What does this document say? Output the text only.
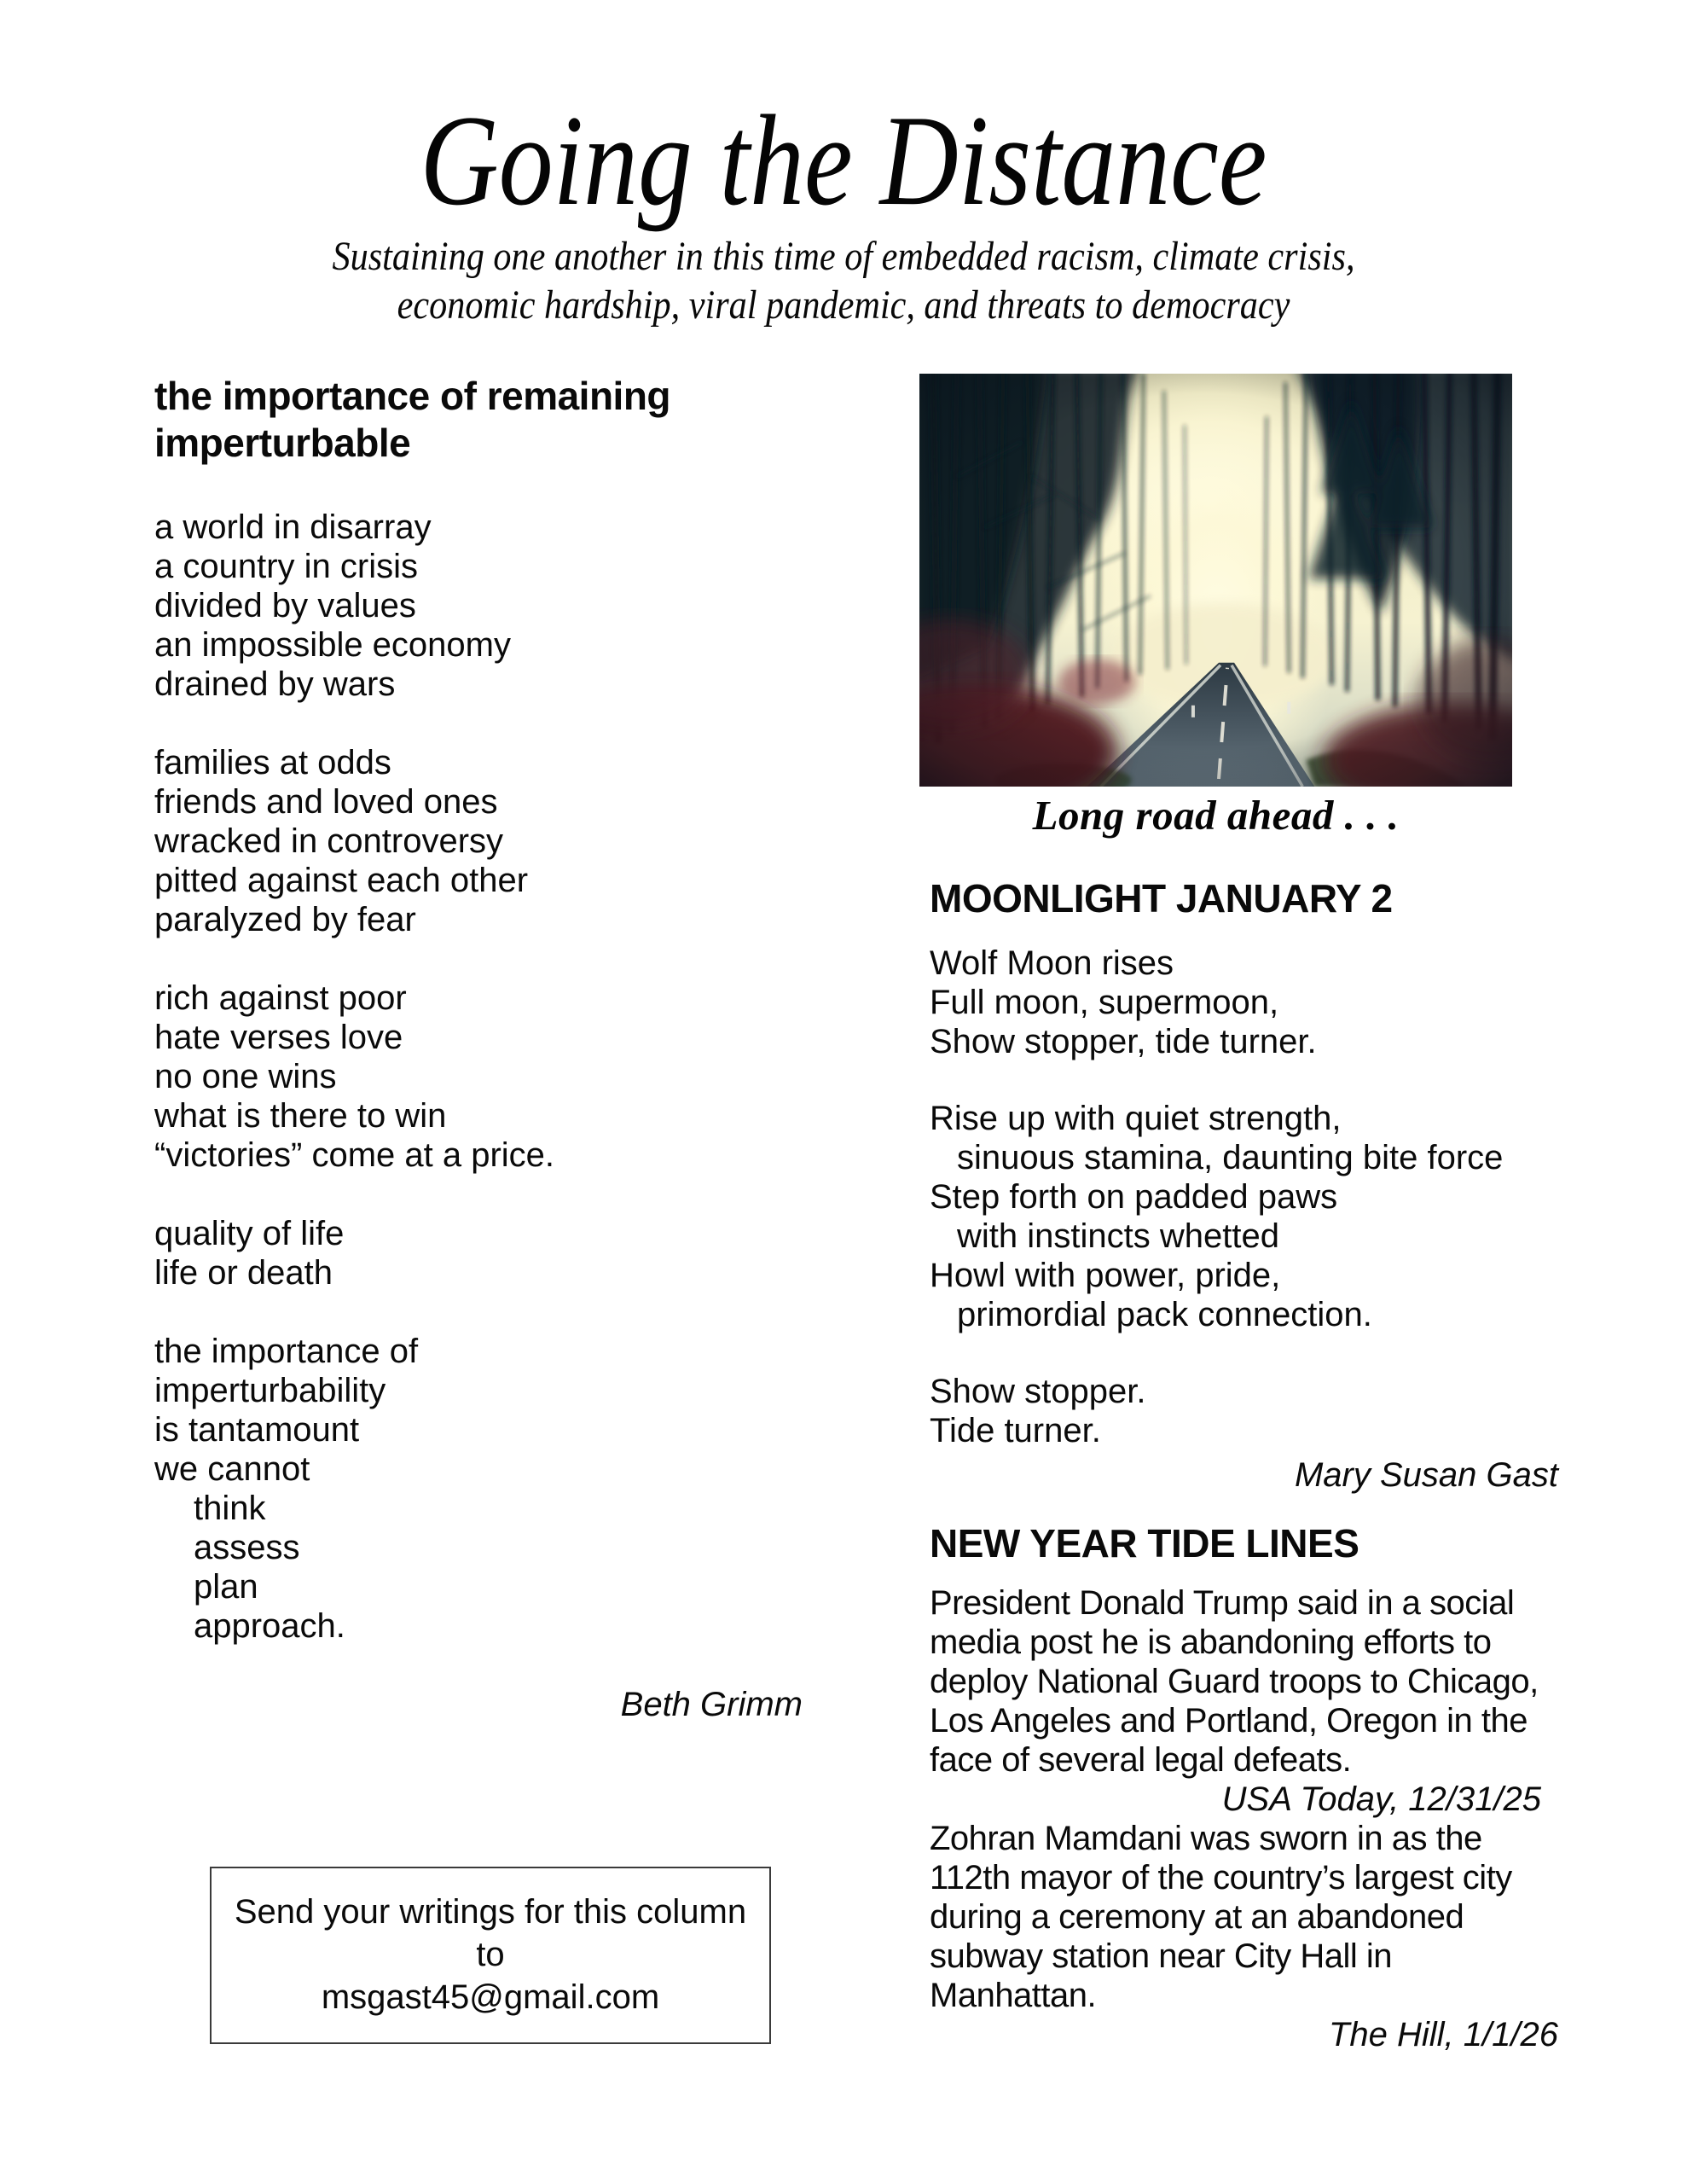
Going the Distance
Sustaining one another in this time of embedded racism, climate crisis,
economic hardship, viral pandemic, and threats to democracy
the importance of remaining
imperturbable
a world in disarray
a country in crisis
divided by values
an impossible economy
drained by wars
families at odds
friends and loved ones
wracked in controversy
pitted against each other
paralyzed by fear
rich against poor
hate verses love
no one wins
what is there to win
“victories” come at a price.
quality of life
life or death
the importance of
imperturbability
is tantamount
we cannot
think
assess
plan
approach.
Beth Grimm
Send your writings for this column to
msgast45@gmail.com
Long road ahead . . .
MOONLIGHT JANUARY 2
Wolf Moon rises
Full moon, supermoon,
Show stopper, tide turner.
Rise up with quiet strength,
sinuous stamina, daunting bite force
Step forth on padded paws
with instincts whetted
Howl with power, pride,
primordial pack connection.
Show stopper.
Tide turner.
Mary Susan Gast
NEW YEAR TIDE LINES

President Donald Trump said in a social media post he is abandoning efforts to deploy National Guard troops to Chicago, Los Angeles and Portland, Oregon in the face of several legal defeats.

USA Today, 12/31/25

Zohran Mamdani was sworn in as the 112th mayor of the country’s largest city during a ceremony at an abandoned subway station near City Hall in Manhattan.

The Hill, 1/1/26
